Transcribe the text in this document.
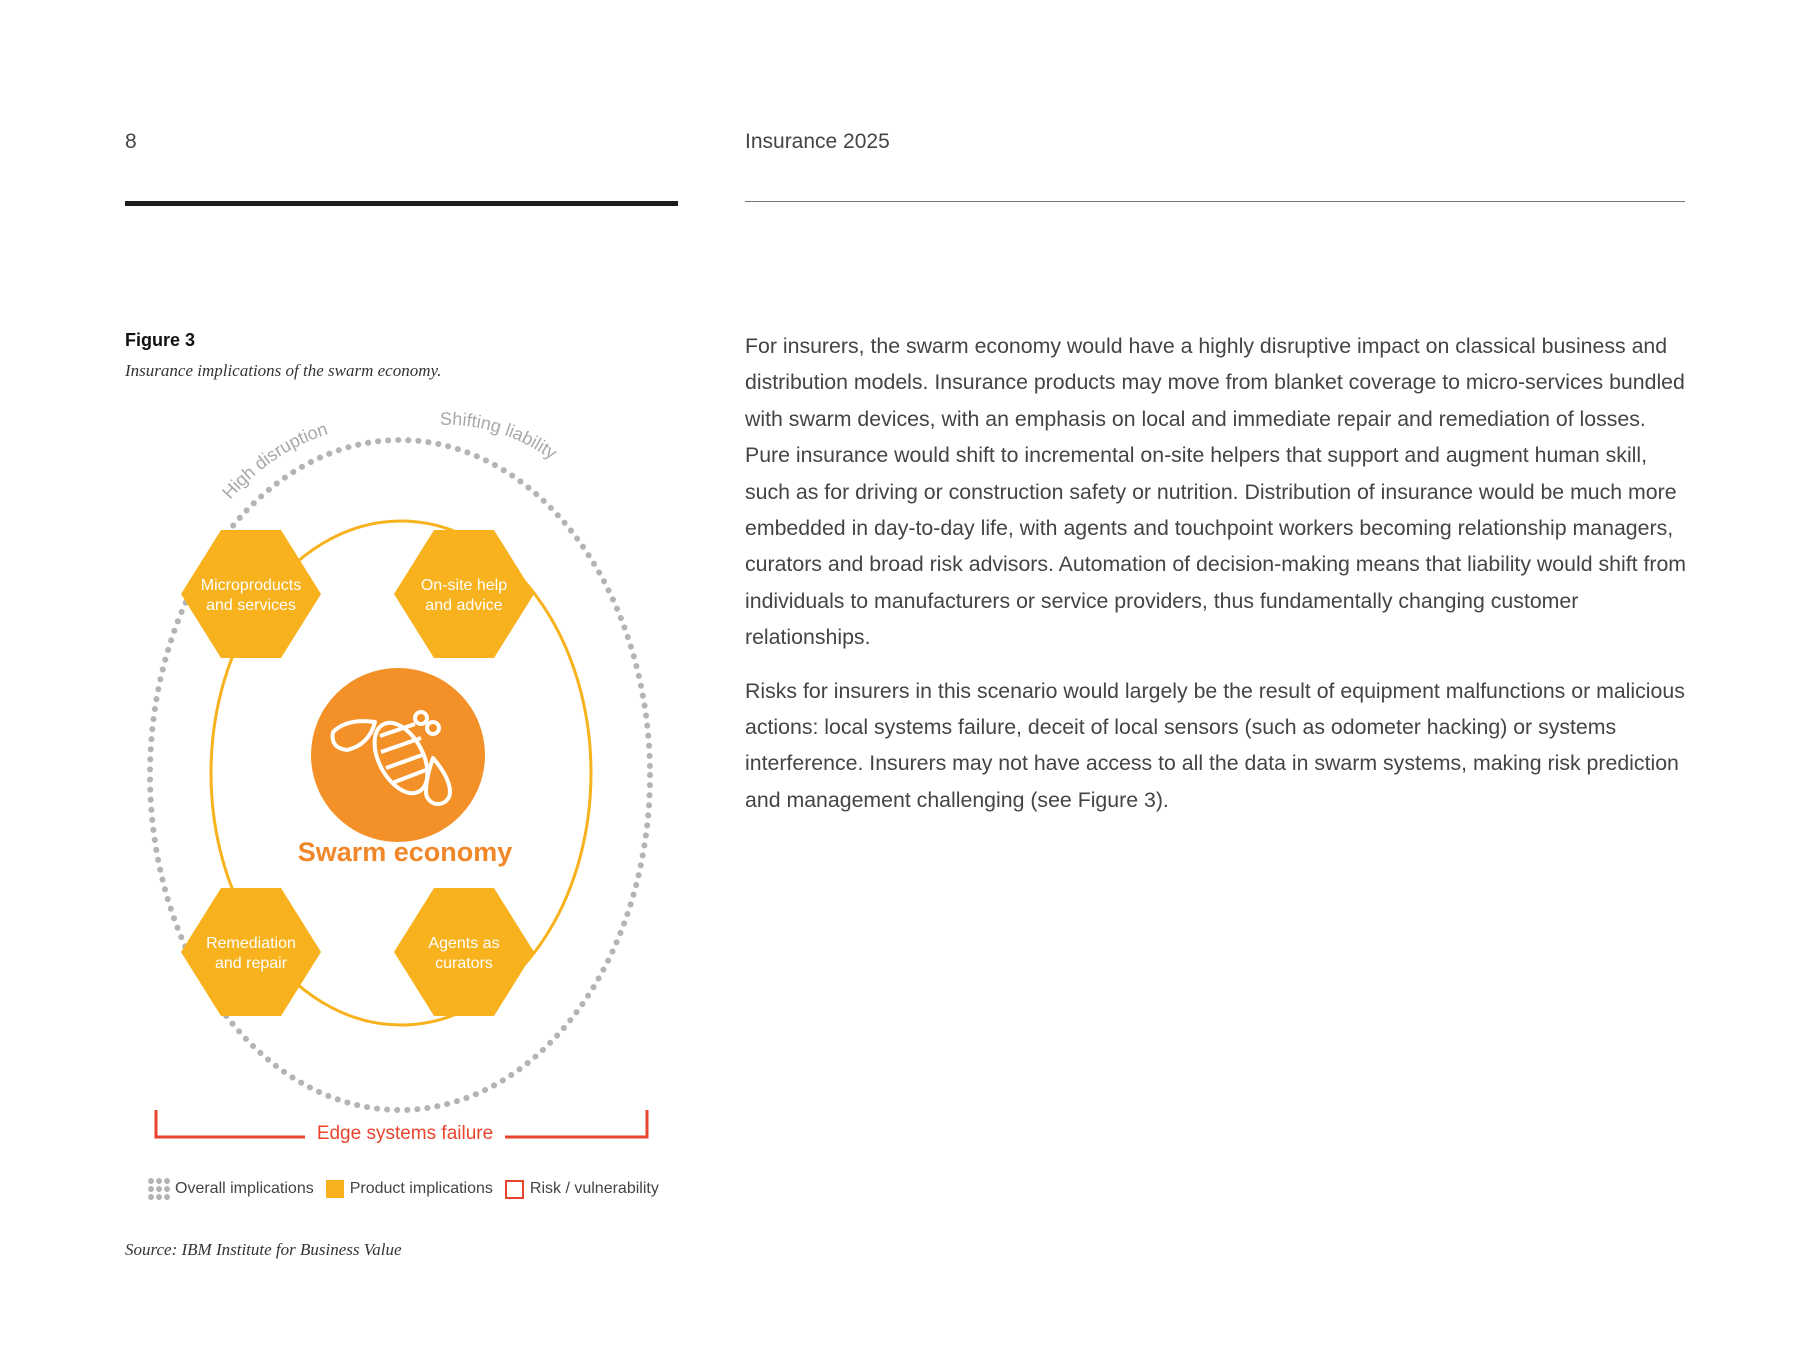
8	Insurance 2025
Figure 3
Insurance implications of the swarm economy.
High disruption	Shifting liability
Microproducts
and services
On-site help
and advice
Remediation
and repair
Agents as
curators
Swarm economy
Edge systems failure
Overall implications Product implications Risk / vulnerability
Source: IBM Institute for Business Value

For insurers, the swarm economy would have a highly disruptive impact on classical business and distribution models. Insurance products may move from blanket coverage to micro-services bundled with swarm devices, with an emphasis on local and immediate repair and remediation of losses. Pure insurance would shift to incremental on-site helpers that support and augment human skill, such as for driving or construction safety or nutrition. Distribution of insurance would be much more embedded in day-to-day life, with agents and touchpoint workers becoming relationship managers, curators and broad risk advisors. Automation of decision-making means that liability would shift from individuals to manufacturers or service providers, thus fundamentally changing customer relationships.

Risks for insurers in this scenario would largely be the result of equipment malfunctions or malicious actions: local systems failure, deceit of local sensors (such as odometer hacking) or systems interference. Insurers may not have access to all the data in swarm systems, making risk prediction and management challenging (see Figure 3).
